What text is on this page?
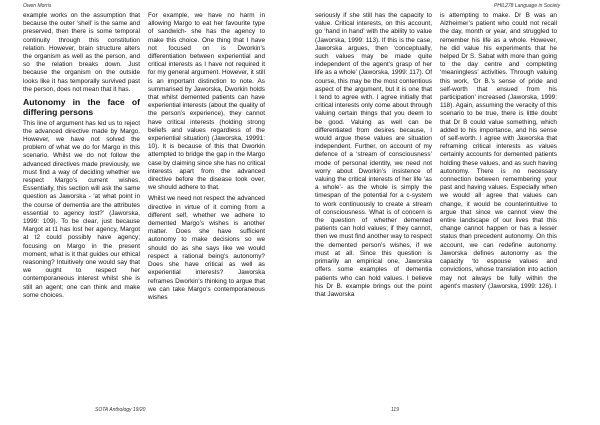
Owen Morris	PHIL278 Language in Society

example works on the assumption that because the outer ‘shell’ is the same and preserved, then there is some temporal continuity through this constitution relation. However, brain structure alters the organism as well as the person, and so the relation breaks down. Just because the organism on the outside looks like it has temporally survived past the person, does not mean that it has.

Autonomy in the face of differing persons

This line of argument has led us to reject the advanced directive made by Margo. However, we have not solved the problem of what we do for Margo in this scenario. Whilst we do not follow the advanced directives made previously, we must find a way of deciding whether we respect Margo’s current wishes. Essentially, this section will ask the same question as Jaworska - ‘at what point in the course of dementia are the attributes essential to agency lost?’ (Jaworska, 1999: 109). To be clear, just because Margot at t1 has lost her agency, Margot at t2 could possibly have agency; focusing on Margo in the present moment, what is it that guides our ethical reasoning? Intuitively one would say that we ought to respect her contemporaneous interest whilst she is still an agent; one can think and make some choices.

For example, we have no harm in allowing Margo to eat her favourite type of sandwich- she has the agency to make this choice. One thing that I have not focused on is Dworkin’s differentiation between experiential and critical interests as I have not required it for my general argument. However, it still is an important distinction to note. As summarised by Jaworska, Dworkin holds that whilst demented patients can have experiential interests (about the quality of the person’s experience), they cannot have critical interests (holding strong beliefs and values regardless of the experiential situation) (Jaworska, 19991: 10). It is because of this that Dworkin attempted to bridge the gap in the Margo case by claiming since she has no critical interests apart from the advanced directive before the disease took over, we should adhere to that.

Whilst we need not respect the advanced directive in virtue of it coming from a different self, whether we adhere to demented Margo’s wishes is another matter. Does she have sufficient autonomy to make decisions so we should do as she says like we would respect a rational being’s autonomy? Does she have critical as well as experiential interests? Jaworska reframes Dworkin’s thinking to argue that we can take Margo’s contemporaneous wishes

seriously if she still has the capacity to value. Critical interests, on this account, go ‘hand in hand’ with the ability to value (Jaworska, 1999: 113). If this is the case, Jaworska argues, then ‘conceptually, such values may be made quite independent of the agent’s grasp of her life as a whole’ (Jaworska, 1999: 117). Of course, this may be the most contentious aspect of the argument, but it is one that I tend to agree with. I agree initially that critical interests only come about through valuing certain things that you deem to be good. Valuing as well can be differentiated from desires because, I would argue these values are situation independent. Further, on account of my defence of a ‘stream of consciousness’ mode of personal identity, we need not worry about Dworkin’s insistence of valuing the critical interests of her life ‘as a whole’- as the whole is simply the timespan of the potential for a c-system to work continuously to create a stream of consciousness. What is of concern is the question of whether demented patients can hold values; if they cannot, then we must find another way to respect the demented person’s wishes, if we must at all. Since this question is primarily an empirical one, Jaworska offers some examples of dementia patients who can hold values. I believe his Dr B. example brings out the point that Jaworska

is attempting to make. Dr B was an Alzheimer’s patient who could not recall the day, month or year, and struggled to remember his life as a whole. However, he did value his experiments that he helped Dr S. Sabat with more than going to the day centre and completing ‘meaningless’ activities. Through valuing this work, ‘Dr B.’s sense of pride and self-worth that ensued from his participation’ increased (Jaworska, 1999: 118). Again, assuming the veracity of this scenario to be true, there is little doubt that Dr B could value something, which added to his importance, and his sense of self-worth. I agree with Jaworska that reframing critical interests as values certainly accounts for demented patients holding these values, and as such having autonomy. There is no necessary connection between remembering your past and having values. Especially when we would all agree that values can change, it would be counterintuitive to argue that since we cannot view the entire landscape of our lives that this change cannot happen or has a lesser status than precedent autonomy. On this account, we can redefine autonomy. Jaworska defines autonomy as the capacity ‘to espouse values and convictions, whose translation into action may not always be fully within the agent’s mastery’ (Jaworska, 1999: 126). I

SOTA Anthology 19/20	119
